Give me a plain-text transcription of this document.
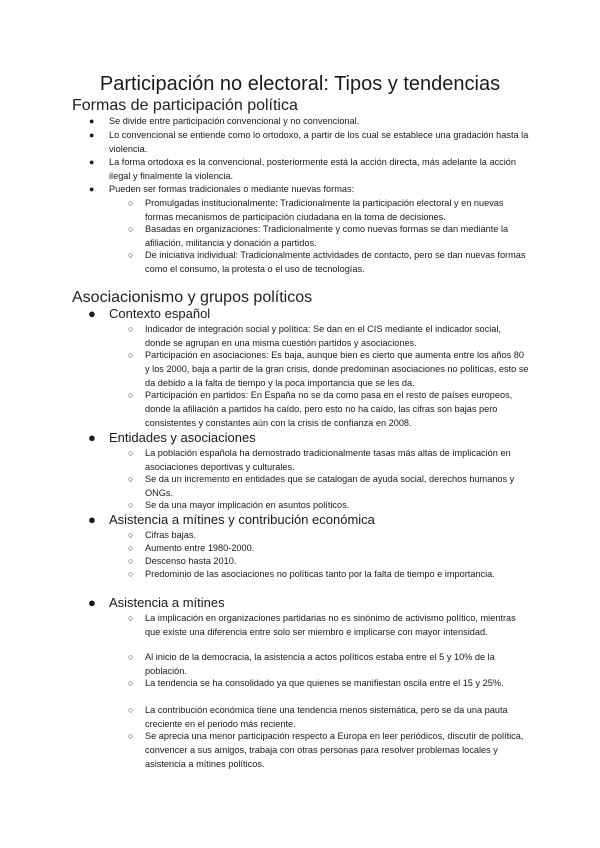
Participación no electoral: Tipos y tendencias
Formas de participación política
● Se divide entre participación convencional y no convencional.

● Lo convencional se entiende como lo ortodoxo, a partir de los cual se establece una gradación hasta la violencia.

● La forma ortodoxa es la convencional, posteriormente está la acción directa, más adelante la acción ilegal y finalmente la violencia.

● Pueden ser formas tradicionales o mediante nuevas formas:

○ Promulgadas institucionalmente: Tradicionalmente la participación electoral y en nuevas formas mecanismos de participación ciudadana en la toma de decisiones.

○ Basadas en organizaciones: Tradicionalmente y como nuevas formas se dan mediante la afiliación, militancia y donación a partidos.

○ De iniciativa individual: Tradicionalmente actividades de contacto, pero se dan nuevas formas como el consumo, la protesta o el uso de tecnologías.

Asociacionismo y grupos políticos
● Contexto español

○ Indicador de integración social y política: Se dan en el CIS mediante el indicador social, donde se agrupan en una misma cuestión partidos y asociaciones.

○ Participación en asociaciones: Es baja, aunque bien es cierto que aumenta entre los años 80 y los 2000, baja a partir de la gran crisis, donde predominan asociaciones no políticas, esto se da debido a la falta de tiempo y la poca importancia que se les da.

○ Participación en partidos: En España no se da como pasa en el resto de países europeos, donde la afiliación a partidos ha caído, pero esto no ha caído, las cifras son bajas pero consistentes y constantes aún con la crisis de confianza en 2008.

● Entidades y asociaciones

○ La población española ha demostrado tradicionalmente tasas más altas de implicación en asociaciones deportivas y culturales.

○ Se da un incremento en entidades que se catalogan de ayuda social, derechos humanos y ONGs.

○ Se da una mayor implicación en asuntos políticos.

● Asistencia a mítines y contribución económica

○ Cifras bajas.

○ Aumento entre 1980-2000.

○ Descenso hasta 2010.

○ Predominio de las asociaciones no políticas tanto por la falta de tiempo e importancia.

● Asistencia a mítines

○ La implicación en organizaciones partidarias no es sinónimo de activismo político, mientras que existe una diferencia entre solo ser miembro e implicarse con mayor intensidad.

○ Al inicio de la democracia, la asistencia a actos políticos estaba entre el 5 y 10% de la población.

○ La tendencia se ha consolidado ya que quienes se manifiestan oscila entre el 15 y 25%.

○ La contribución económica tiene una tendencia menos sistemática, pero se da una pauta creciente en el periodo más reciente.

○ Se aprecia una menor participación respecto a Europa en leer periódicos, discutir de política, convencer a sus amigos, trabaja con otras personas para resolver problemas locales y asistencia a mítines políticos.
